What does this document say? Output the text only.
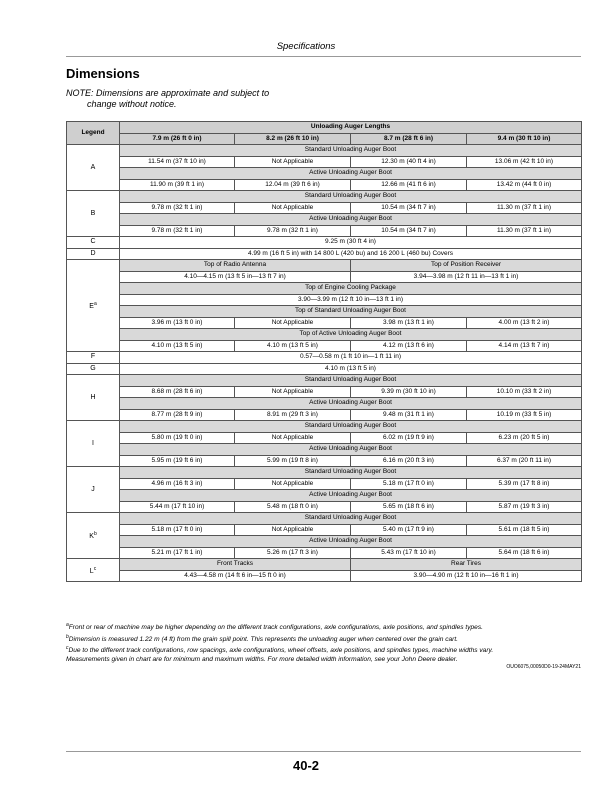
Specifications
Dimensions
NOTE: Dimensions are approximate and subject to
change without notice.
Legend	Unloading Auger Lengths			
	7.9 m (26 ft 0 in)	8.2 m (26 ft 10 in)	8.7 m (28 ft 6 in)	9.4 m (30 ft 10 in)
A	Standard Unloading Auger Boot			
	11.54 m (37 ft 10 in)	Not Applicable	12.30 m (40 ft 4 in)	13.06 m (42 ft 10 in)
	Active Unloading Auger Boot			
	11.90 m (39 ft 1 in)	12.04 m (39 ft 6 in)	12.66 m (41 ft 6 in)	13.42 m (44 ft 0 in)
B	Standard Unloading Auger Boot			
	9.78 m (32 ft 1 in)	Not Applicable	10.54 m (34 ft 7 in)	11.30 m (37 ft 1 in)
	Active Unloading Auger Boot			
	9.78 m (32 ft 1 in)	9.78 m (32 ft 1 in)	10.54 m (34 ft 7 in)	11.30 m (37 ft 1 in)
C	9.25 m (30 ft 4 in)			
D	4.99 m (16 ft 5 in) with 14 800 L (420 bu) and 16 200 L (460 bu) Covers			
$E^a$	Top of Radio Antenna		Top of Position Receiver	
	4.10—4.15 m (13 ft 5 in—13 ft 7 in)		3.94—3.98 m (12 ft 11 in—13 ft 1 in)	
	Top of Engine Cooling Package			
	3.90—3.99 m (12 ft 10 in—13 ft 1 in)			
	Top of Standard Unloading Auger Boot			
	3.96 m (13 ft 0 in)	Not Applicable	3.98 m (13 ft 1 in)	4.00 m (13 ft 2 in)
	Top of Active Unloading Auger Boot			
	4.10 m (13 ft 5 in)	4.10 m (13 ft 5 in)	4.12 m (13 ft 6 in)	4.14 m (13 ft 7 in)
F	0.57—0.58 m (1 ft 10 in—1 ft 11 in)			
G	4.10 m (13 ft 5 in)			
H	Standard Unloading Auger Boot			
	8.68 m (28 ft 6 in)	Not Applicable	9.39 m (30 ft 10 in)	10.10 m (33 ft 2 in)
	Active Unloading Auger Boot			
	8.77 m (28 ft 9 in)	8.91 m (29 ft 3 in)	9.48 m (31 ft 1 in)	10.19 m (33 ft 5 in)
I	Standard Unloading Auger Boot			
	5.80 m (19 ft 0 in)	Not Applicable	6.02 m (19 ft 9 in)	6.23 m (20 ft 5 in)
	Active Unloading Auger Boot			
	5.95 m (19 ft 6 in)	5.99 m (19 ft 8 in)	6.16 m (20 ft 3 in)	6.37 m (20 ft 11 in)
J	Standard Unloading Auger Boot			
	4.96 m (16 ft 3 in)	Not Applicable	5.18 m (17 ft 0 in)	5.39 m (17 ft 8 in)
	Active Unloading Auger Boot			
	5.44 m (17 ft 10 in)	5.48 m (18 ft 0 in)	5.65 m (18 ft 6 in)	5.87 m (19 ft 3 in)
$K^b$	Standard Unloading Auger Boot			
	5.18 m (17 ft 0 in)	Not Applicable	5.40 m (17 ft 9 in)	5.61 m (18 ft 5 in)
	Active Unloading Auger Boot			
	5.21 m (17 ft 1 in)	5.26 m (17 ft 3 in)	5.43 m (17 ft 10 in)	5.64 m (18 ft 6 in)
$L^c$	Front Tracks		Rear Tires	
	4.43—4.58 m (14 ft 6 in—15 ft 0 in)		3.90—4.90 m (12 ft 10 in—16 ft 1 in)	
$^a$Front or rear of machine may be higher depending on the different track configurations, axle configurations, axle positions, and spindles types.
$^b$Dimension is measured 1.22 m (4 ft) from the grain spill point. This represents the unloading auger when centered over the grain cart.
$^c$Due to the different track configurations, row spacings, axle configurations, wheel offsets, axle positions, and spindles types, machine widths vary.
Measurements given in chart are for minimum and maximum widths. For more detailed width information, see your John Deere dealer.
OUO6075,00050D0-19-24MAY21
40-2
